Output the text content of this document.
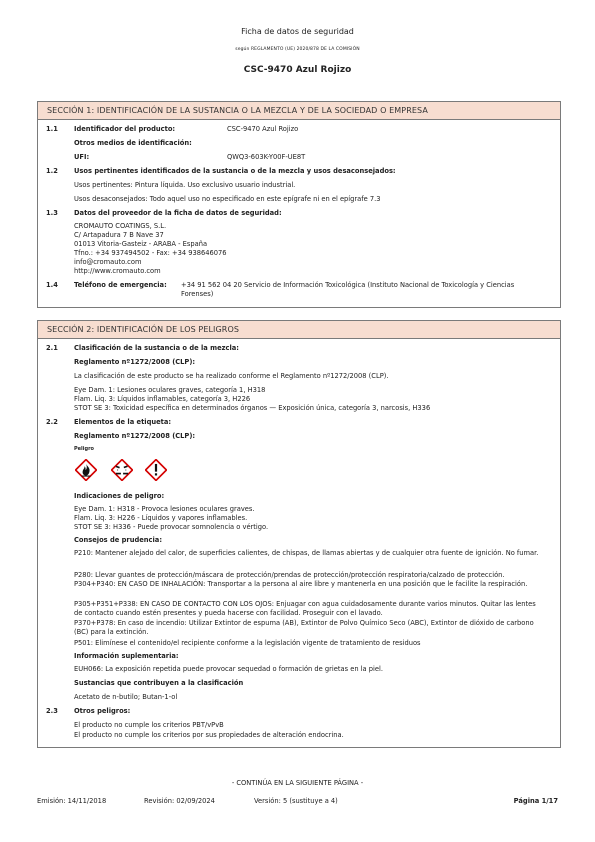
Ficha de datos de seguridad
según REGLAMENTO (UE) 2020/878 DE LA COMISIÓN
CSC-9470 Azul Rojizo
SECCIÓN 1: IDENTIFICACIÓN DE LA SUSTANCIA O LA MEZCLA Y DE LA SOCIEDAD O EMPRESA
1.1 Identificador del producto:	CSC-9470 Azul Rojizo
Otros medios de identificación:
UFI:	QWQ3-603K-Y00F-UE8T
1.2 Usos pertinentes identificados de la sustancia o de la mezcla y usos desaconsejados:
Usos pertinentes: Pintura líquida. Uso exclusivo usuario industrial.
Usos desaconsejados: Todo aquel uso no especificado en este epígrafe ni en el epígrafe 7.3
1.3 Datos del proveedor de la ficha de datos de seguridad:
CROMAUTO COATINGS, S.L.
C/ Artapadura 7 B Nave 37
01013 Vitoria-Gasteiz - ARABA - España
Tfno.: +34 937494502 - Fax: +34 938646076
info@cromauto.com
http://www.cromauto.com
1.4 Teléfono de emergencia: +34 91 562 04 20 Servicio de Información Toxicológica (Instituto Nacional de Toxicología y Ciencias Forenses)
SECCIÓN 2: IDENTIFICACIÓN DE LOS PELIGROS
2.1 Clasificación de la sustancia o de la mezcla:
Reglamento nº1272/2008 (CLP):
La clasificación de este producto se ha realizado conforme el Reglamento nº1272/2008 (CLP).
Eye Dam. 1: Lesiones oculares graves, categoría 1, H318
Flam. Liq. 3: Líquidos inflamables, categoría 3, H226
STOT SE 3: Toxicidad específica en determinados órganos — Exposición única, categoría 3, narcosis, H336
2.2 Elementos de la etiqueta:
Reglamento nº1272/2008 (CLP):
Peligro
Indicaciones de peligro:
Eye Dam. 1: H318 - Provoca lesiones oculares graves.
Flam. Liq. 3: H226 - Líquidos y vapores inflamables.
STOT SE 3: H336 - Puede provocar somnolencia o vértigo.
Consejos de prudencia:
P210: Mantener alejado del calor, de superficies calientes, de chispas, de llamas abiertas y de cualquier otra fuente de ignición. No fumar.
P280: Llevar guantes de protección/máscara de protección/prendas de protección/protección respiratoria/calzado de protección.
P304+P340: EN CASO DE INHALACIÓN: Transportar a la persona al aire libre y mantenerla en una posición que le facilite la respiración.
P305+P351+P338: EN CASO DE CONTACTO CON LOS OJOS: Enjuagar con agua cuidadosamente durante varios minutos. Quitar las lentes de contacto cuando estén presentes y pueda hacerse con facilidad. Proseguir con el lavado.
P370+P378: En caso de incendio: Utilizar Extintor de espuma (AB), Extintor de Polvo Químico Seco (ABC), Extintor de dióxido de carbono (BC) para la extinción.
P501: Elimínese el contenido/el recipiente conforme a la legislación vigente de tratamiento de residuos
Información suplementaria:
EUH066: La exposición repetida puede provocar sequedad o formación de grietas en la piel.
Sustancias que contribuyen a la clasificación
Acetato de n-butilo; Butan-1-ol
2.3 Otros peligros:
El producto no cumple los criterios PBT/vPvB
El producto no cumple los criterios por sus propiedades de alteración endocrina.
- CONTINÚA EN LA SIGUIENTE PÁGINA -
Emisión: 14/11/2018	Revisión: 02/09/2024	Versión: 5 (sustituye a 4)	Página 1/17
